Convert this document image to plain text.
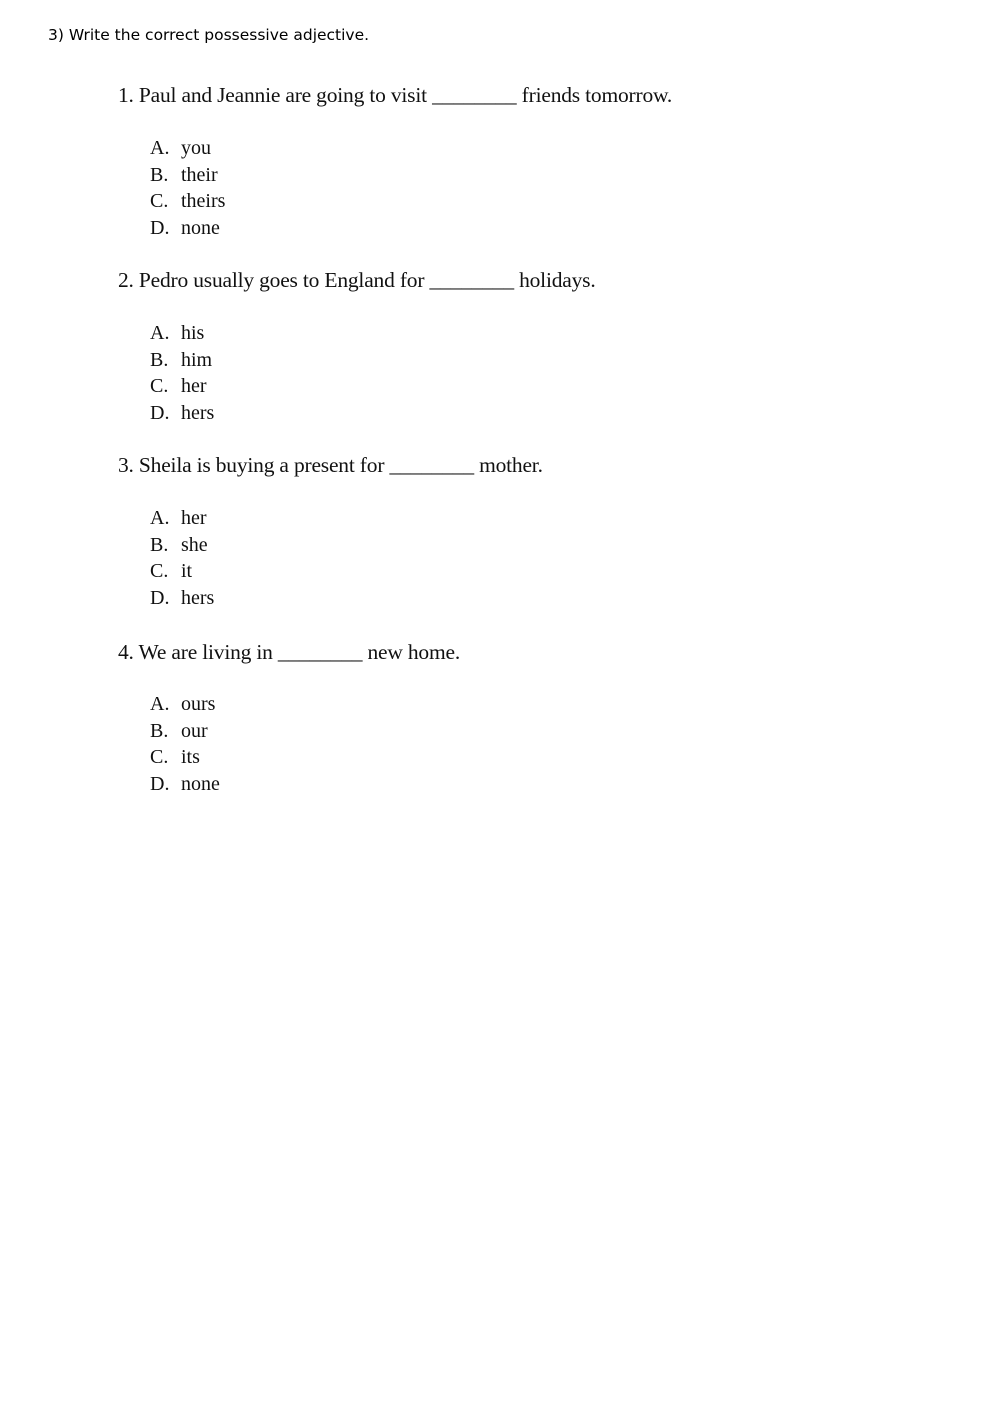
3) Write the correct possessive adjective.
1. Paul and Jeannie are going to visit ________ friends tomorrow.
A. you
B. their
C. theirs
D. none
2. Pedro usually goes to England for ________ holidays.
A. his
B. him
C. her
D. hers
3. Sheila is buying a present for ________ mother.
A. her
B. she
C. it
D. hers
4. We are living in ________ new home.
A. ours
B. our
C. its
D. none
